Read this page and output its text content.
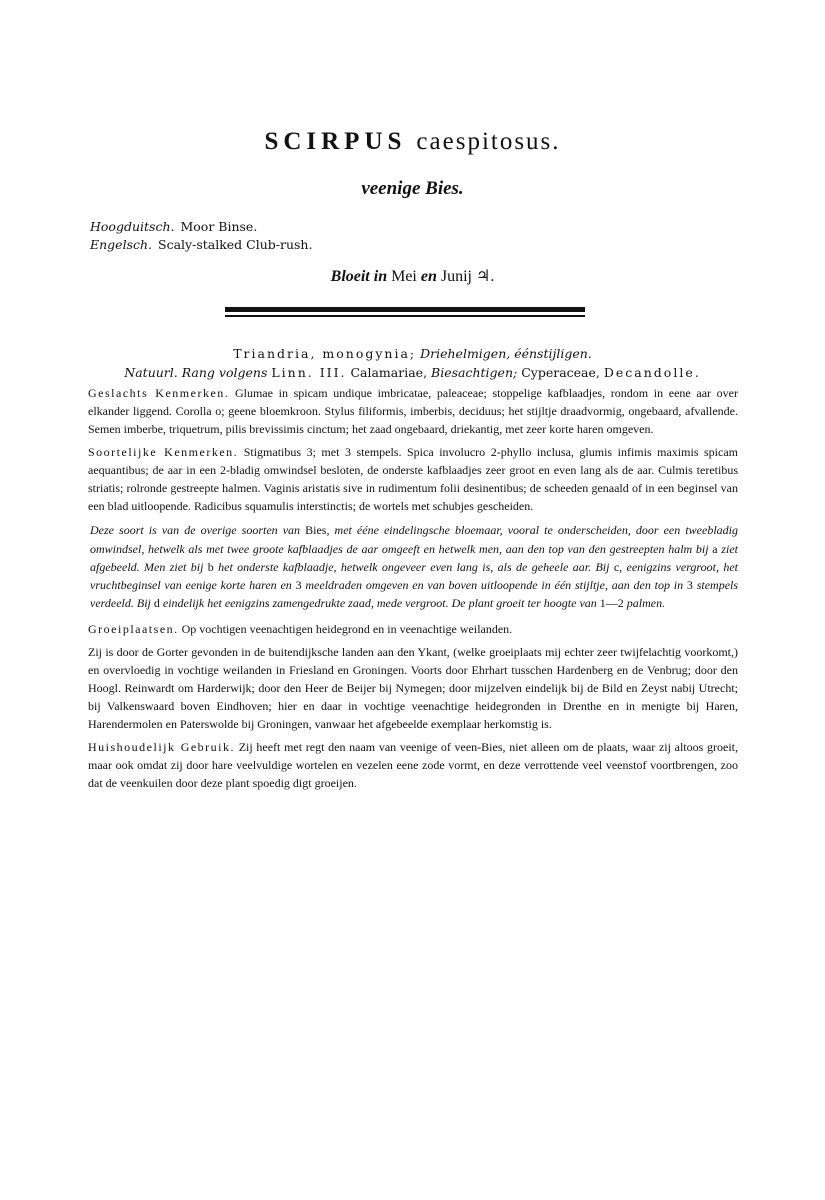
SCIRPUS caespitosus.
veenige Bies.
Hoogduitsch. Moor Binse.
Engelsch. Scaly-stalked Club-rush.
Bloeit in Mei en Junij ♃.
Triandria, monogynia; Driehelmigen, éénstijligen.
Natuurl. Rang volgens Linn. III. Calamariae, Biesachtigen; Cyperaceae, Decandolle.

Geslachts Kenmerken. Glumae in spicam undique imbricatae, paleaceae; stoppelige kafblaadjes, rondom in eene aar over elkander liggend. Corolla o; geene bloemkroon. Stylus filiformis, imberbis, deciduus; het stijltje draadvormig, ongebaard, afvallende. Semen imberbe, triquetrum, pilis brevissimis cinctum; het zaad ongebaard, driekantig, met zeer korte haren omgeven.

Soortelijke Kenmerken. Stigmatibus 3; met 3 stempels. Spica involucro 2-phyllo inclusa, glumis infimis maximis spicam aequantibus; de aar in een 2-bladig omwindsel besloten, de onderste kafblaadjes zeer groot en even lang als de aar. Culmis teretibus striatis; rolronde gestreepte halmen. Vaginis aristatis sive in rudimentum folii desinentibus; de scheeden genaald of in een beginsel van een blad uitloopende. Radicibus squamulis interstinctis; de wortels met schubjes gescheiden.

Deze soort is van de overige soorten van Bies, met ééne eindelingsche bloemaar, vooral te onderscheiden, door een tweebladig omwindsel, hetwelk als met twee groote kafblaadjes de aar omgeeft en hetwelk men, aan den top van den gestreepten halm bij a ziet afgebeeld. Men ziet bij b het onderste kafblaadje, hetwelk ongeveer even lang is, als de geheele aar. Bij c, eenigzins vergroot, het vruchtbeginsel van eenige korte haren en 3 meeldraden omgeven en van boven uitloopende in één stijltje, aan den top in 3 stempels verdeeld. Bij d eindelijk het eenigzins zamengedrukte zaad, mede vergroot. De plant groeit ter hoogte van 1—2 palmen.

Groeiplaatsen. Op vochtigen veenachtigen heidegrond en in veenachtige weilanden.

Zij is door de Gorter gevonden in de buitendijksche landen aan den Ykant, (welke groeiplaats mij echter zeer twijfelachtig voorkomt,) en overvloedig in vochtige weilanden in Friesland en Groningen. Voorts door Ehrhart tusschen Hardenberg en de Venbrug; door den Hoogl. Reinwardt om Harderwijk; door den Heer de Beijer bij Nymegen; door mijzelven eindelijk bij de Bild en Zeyst nabij Utrecht; bij Valkenswaard boven Eindhoven; hier en daar in vochtige veenachtige heidegronden in Drenthe en in menigte bij Haren, Harendermolen en Paterswolde bij Groningen, vanwaar het afgebeelde exemplaar herkomstig is.

Huishoudelijk Gebruik. Zij heeft met regt den naam van veenige of veen-Bies, niet alleen om de plaats, waar zij altoos groeit, maar ook omdat zij door hare veelvuldige wortelen en vezelen eene zode vormt, en deze verrottende veel veenstof voortbrengen, zoo dat de veenkuilen door deze plant spoedig digt groeijen.
